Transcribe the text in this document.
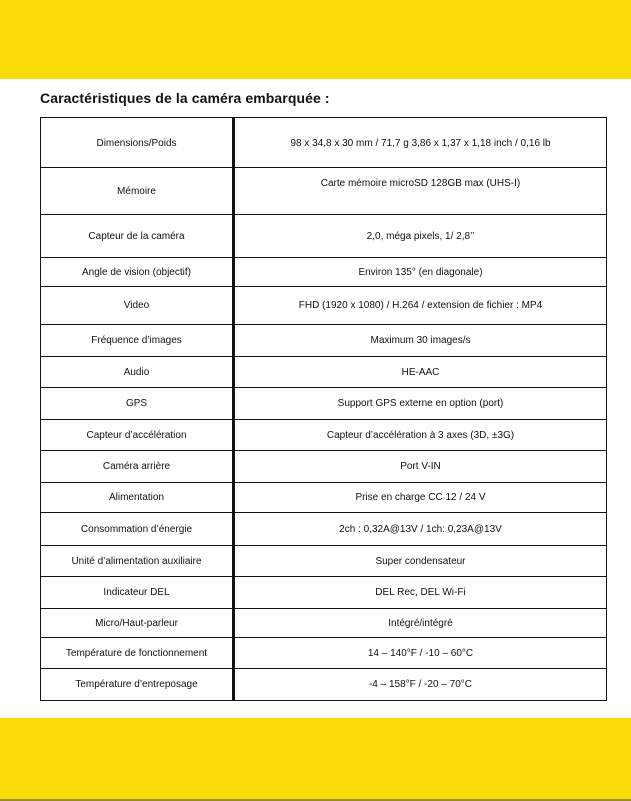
Caractéristiques de la caméra embarquée :
Dimensions/Poids	98 x 34,8 x 30 mm / 71,7 g 3,86 x 1,37 x 1,18 inch / 0,16 lb
Mémoire	Carte mémoire microSD 128GB max (UHS-I)
Capteur de la caméra	2,0, méga pixels, 1/ 2,8’’
Angle de vision (objectif)	Environ 135° (en diagonale)
Video	FHD (1920 x 1080) / H.264 / extension de fichier : MP4
Fréquence d’images	Maximum 30 images/s
Audio	HE-AAC
GPS	Support GPS externe en option (port)
Capteur d’accélération	Capteur d’accélération à 3 axes (3D, ±3G)
Caméra arrière	Port V-IN
Alimentation	Prise en charge CC 12 / 24 V
Consommation d’énergie	2ch : 0,32A@13V / 1ch: 0,23A@13V
Unité d’alimentation auxiliaire	Super condensateur
Indicateur DEL	DEL Rec, DEL Wi-Fi
Micro/Haut-parleur	Intégré/intégré
Température de fonctionnement	14 – 140°F / -10 – 60°C
Température d’entreposage	-4 – 158°F / -20 – 70°C
